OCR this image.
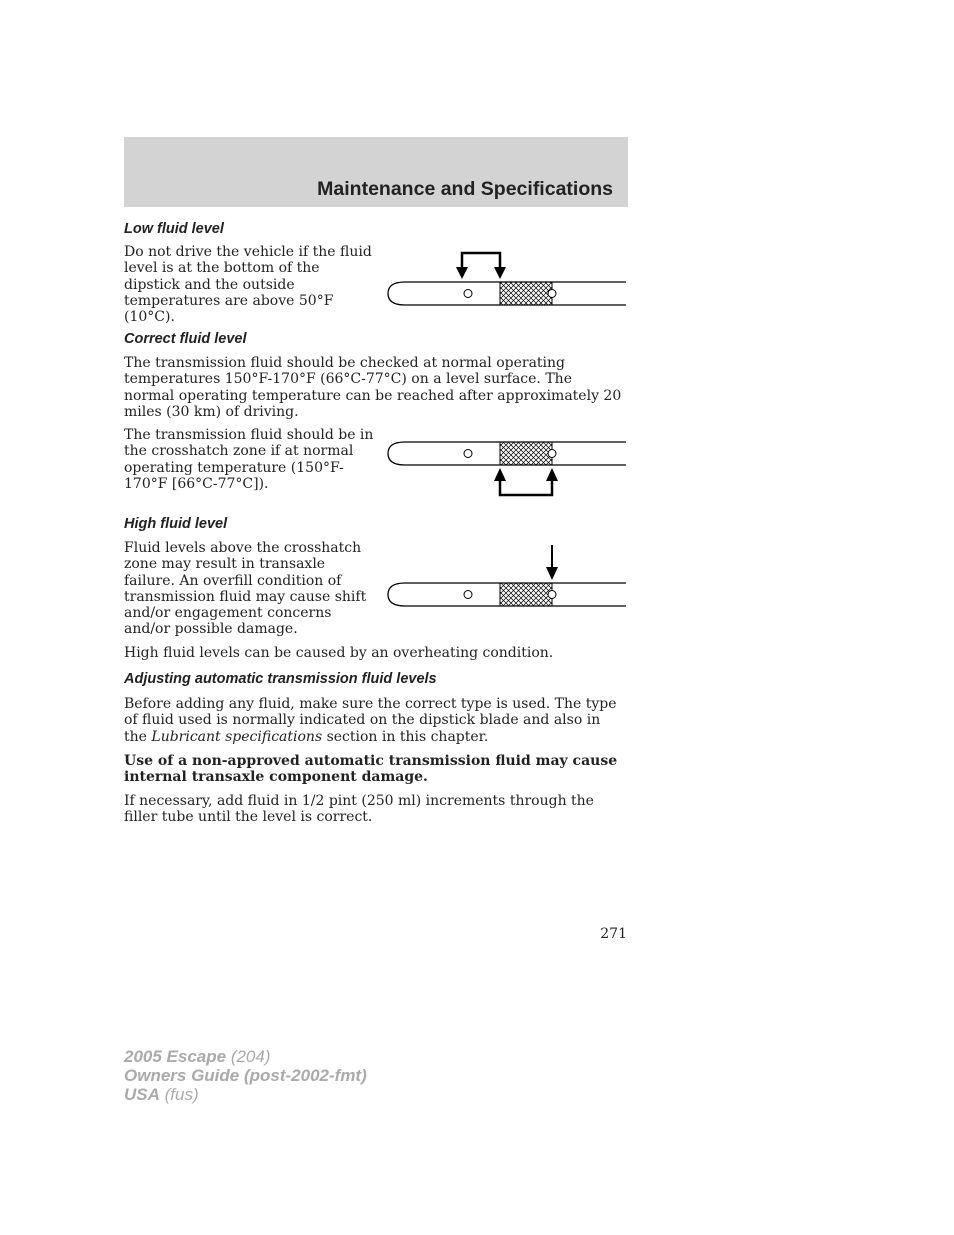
Maintenance and Specifications
Low fluid level

Do not drive the vehicle if the fluid level is at the bottom of the dipstick and the outside temperatures are above 50°F (10°C).

Correct fluid level

The transmission fluid should be checked at normal operating temperatures 150°F-170°F (66°C-77°C) on a level surface. The normal operating temperature can be reached after approximately 20 miles (30 km) of driving.

The transmission fluid should be in the crosshatch zone if at normal operating temperature (150°F-170°F [66°C-77°C]).

High fluid level

Fluid levels above the crosshatch zone may result in transaxle failure. An overfill condition of transmission fluid may cause shift and/or engagement concerns and/or possible damage.

High fluid levels can be caused by an overheating condition.

Adjusting automatic transmission fluid levels

Before adding any fluid, make sure the correct type is used. The type of fluid used is normally indicated on the dipstick blade and also in the Lubricant specifications section in this chapter.

Use of a non-approved automatic transmission fluid may cause internal transaxle component damage.

If necessary, add fluid in 1/2 pint (250 ml) increments through the filler tube until the level is correct.

271
2005 Escape (204)
Owners Guide (post-2002-fmt)
USA (fus)
